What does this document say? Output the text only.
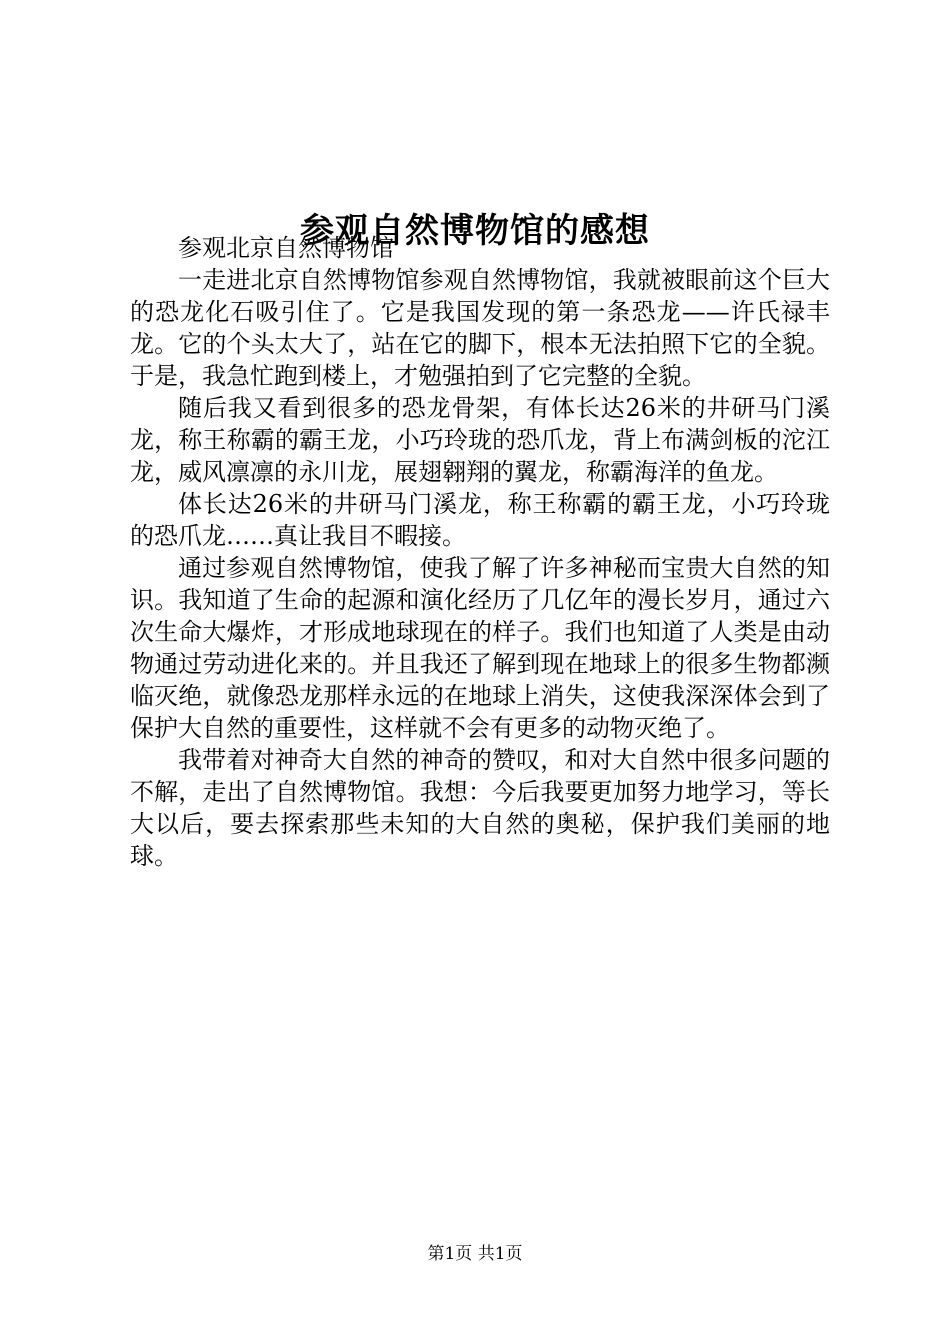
参观自然博物馆的感想

参观北京自然博物馆

一走进北京自然博物馆参观自然博物馆，我就被眼前这个巨大的恐龙化石吸引住了。它是我国发现的第一条恐龙——许氏禄丰龙。它的个头太大了，站在它的脚下，根本无法拍照下它的全貌。于是，我急忙跑到楼上，才勉强拍到了它完整的全貌。

随后我又看到很多的恐龙骨架，有体长达26米的井研马门溪龙，称王称霸的霸王龙，小巧玲珑的恐爪龙，背上布满剑板的沱江龙，威风凛凛的永川龙，展翅翱翔的翼龙，称霸海洋的鱼龙。

体长达26米的井研马门溪龙，称王称霸的霸王龙，小巧玲珑的恐爪龙……真让我目不暇接。

通过参观自然博物馆，使我了解了许多神秘而宝贵大自然的知识。我知道了生命的起源和演化经历了几亿年的漫长岁月，通过六次生命大爆炸，才形成地球现在的样子。我们也知道了人类是由动物通过劳动进化来的。并且我还了解到现在地球上的很多生物都濒临灭绝，就像恐龙那样永远的在地球上消失，这使我深深体会到了保护大自然的重要性，这样就不会有更多的动物灭绝了。

我带着对神奇大自然的神奇的赞叹，和对大自然中很多问题的不解，走出了自然博物馆。我想：今后我要更加努力地学习，等长大以后，要去探索那些未知的大自然的奥秘，保护我们美丽的地球。

第1页 共1页
